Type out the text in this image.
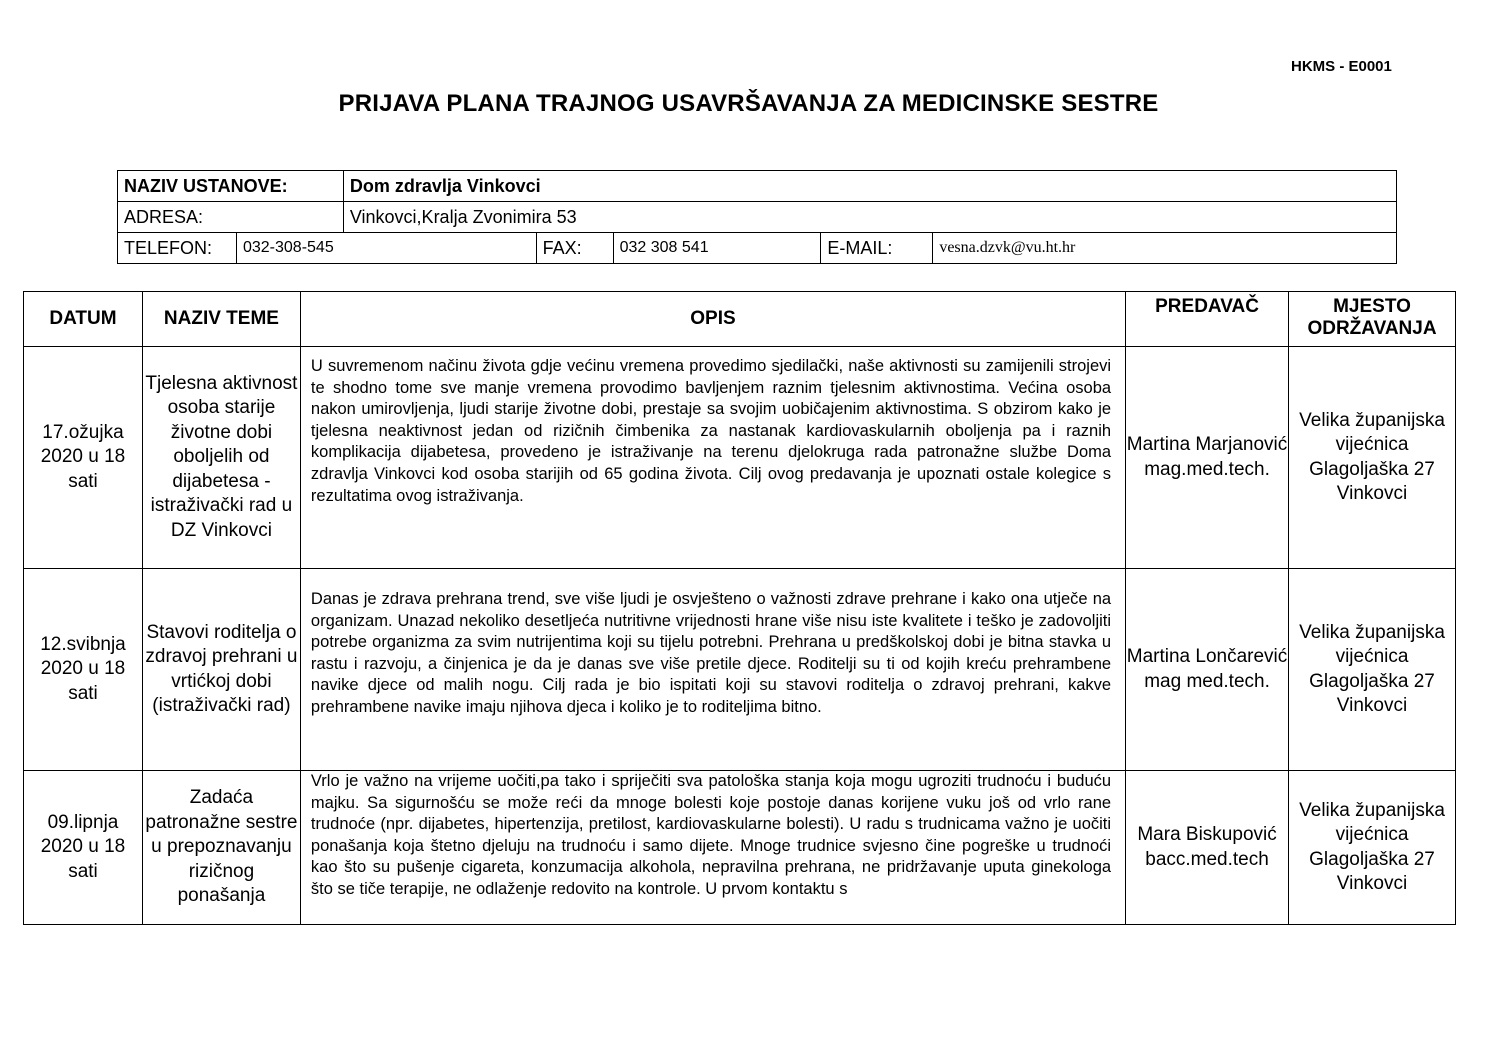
HKMS - E0001
PRIJAVA PLANA TRAJNOG USAVRŠAVANJA ZA MEDICINSKE SESTRE
NAZIV USTANOVE:		Dom zdravlja Vinkovci				
ADRESA:		Vinkovci,Kralja Zvonimira 53				
TELEFON:	032-308-545		FAX:	032 308 541	E-MAIL:	vesna.dzvk@vu.ht.hr
DATUM	NAZIV TEME	OPIS	PREDAVAČ	MJESTO ODRŽAVANJA
17.ožujka 2020 u 18 sati	Tjelesna aktivnost osoba starije životne dobi oboljelih od dijabetesa - istraživački rad u DZ Vinkovci	U suvremenom načinu života gdje većinu vremena provedimo sjedilački, naše aktivnosti su zamijenili strojevi te shodno tome sve manje vremena provodimo bavljenjem raznim tjelesnim aktivnostima. Većina osoba nakon umirovljenja, ljudi starije životne dobi, prestaje sa svojim uobičajenim aktivnostima. S obzirom kako je tjelesna neaktivnost jedan od rizičnih čimbenika za nastanak kardiovaskularnih oboljenja pa i raznih komplikacija dijabetesa, provedeno je istraživanje na terenu djelokruga rada patronažne službe Doma zdravlja Vinkovci kod osoba starijih od 65 godina života. Cilj ovog predavanja je upoznati ostale kolegice s rezultatima ovog istraživanja.	Martina Marjanović mag.med.tech.	Velika županijska vijećnica Glagoljaška 27 Vinkovci
12.svibnja 2020 u 18 sati	Stavovi roditelja o zdravoj prehrani u vrtićkoj dobi (istraživački rad)	Danas je zdrava prehrana trend, sve više ljudi je osvješteno o važnosti zdrave prehrane i kako ona utječe na organizam. Unazad nekoliko desetljeća nutritivne vrijednosti hrane više nisu iste kvalitete i teško je zadovoljiti potrebe organizma za svim nutrijentima koji su tijelu potrebni. Prehrana u predškolskoj dobi je bitna stavka u rastu i razvoju, a činjenica je da je danas sve više pretile djece. Roditelji su ti od kojih kreću prehrambene navike djece od malih nogu. Cilj rada je bio ispitati koji su stavovi roditelja o zdravoj prehrani, kakve prehrambene navike imaju njihova djeca i koliko je to roditeljima bitno.	Martina Lončarević mag med.tech.	Velika županijska vijećnica Glagoljaška 27 Vinkovci
09.lipnja 2020 u 18 sati	Zadaća patronažne sestre u prepoznavanju rizičnog ponašanja	Vrlo je važno na vrijeme uočiti,pa tako i spriječiti sva patološka stanja koja mogu ugroziti trudnoću i buduću majku. Sa sigurnošću se može reći da mnoge bolesti koje postoje danas korijene vuku još od vrlo rane trudnoće (npr. dijabetes, hipertenzija, pretilost, kardiovaskularne bolesti). U radu s trudnicama važno je uočiti ponašanja koja štetno djeluju na trudnoću i samo dijete. Mnoge trudnice svjesno čine pogreške u trudnoći kao što su pušenje cigareta, konzumacija alkohola, nepravilna prehrana, ne pridržavanje uputa ginekologa što se tiče terapije, ne odlaženje redovito na kontrole. U prvom kontaktu s	Mara Biskupović bacc.med.tech	Velika županijska vijećnica Glagoljaška 27 Vinkovci
